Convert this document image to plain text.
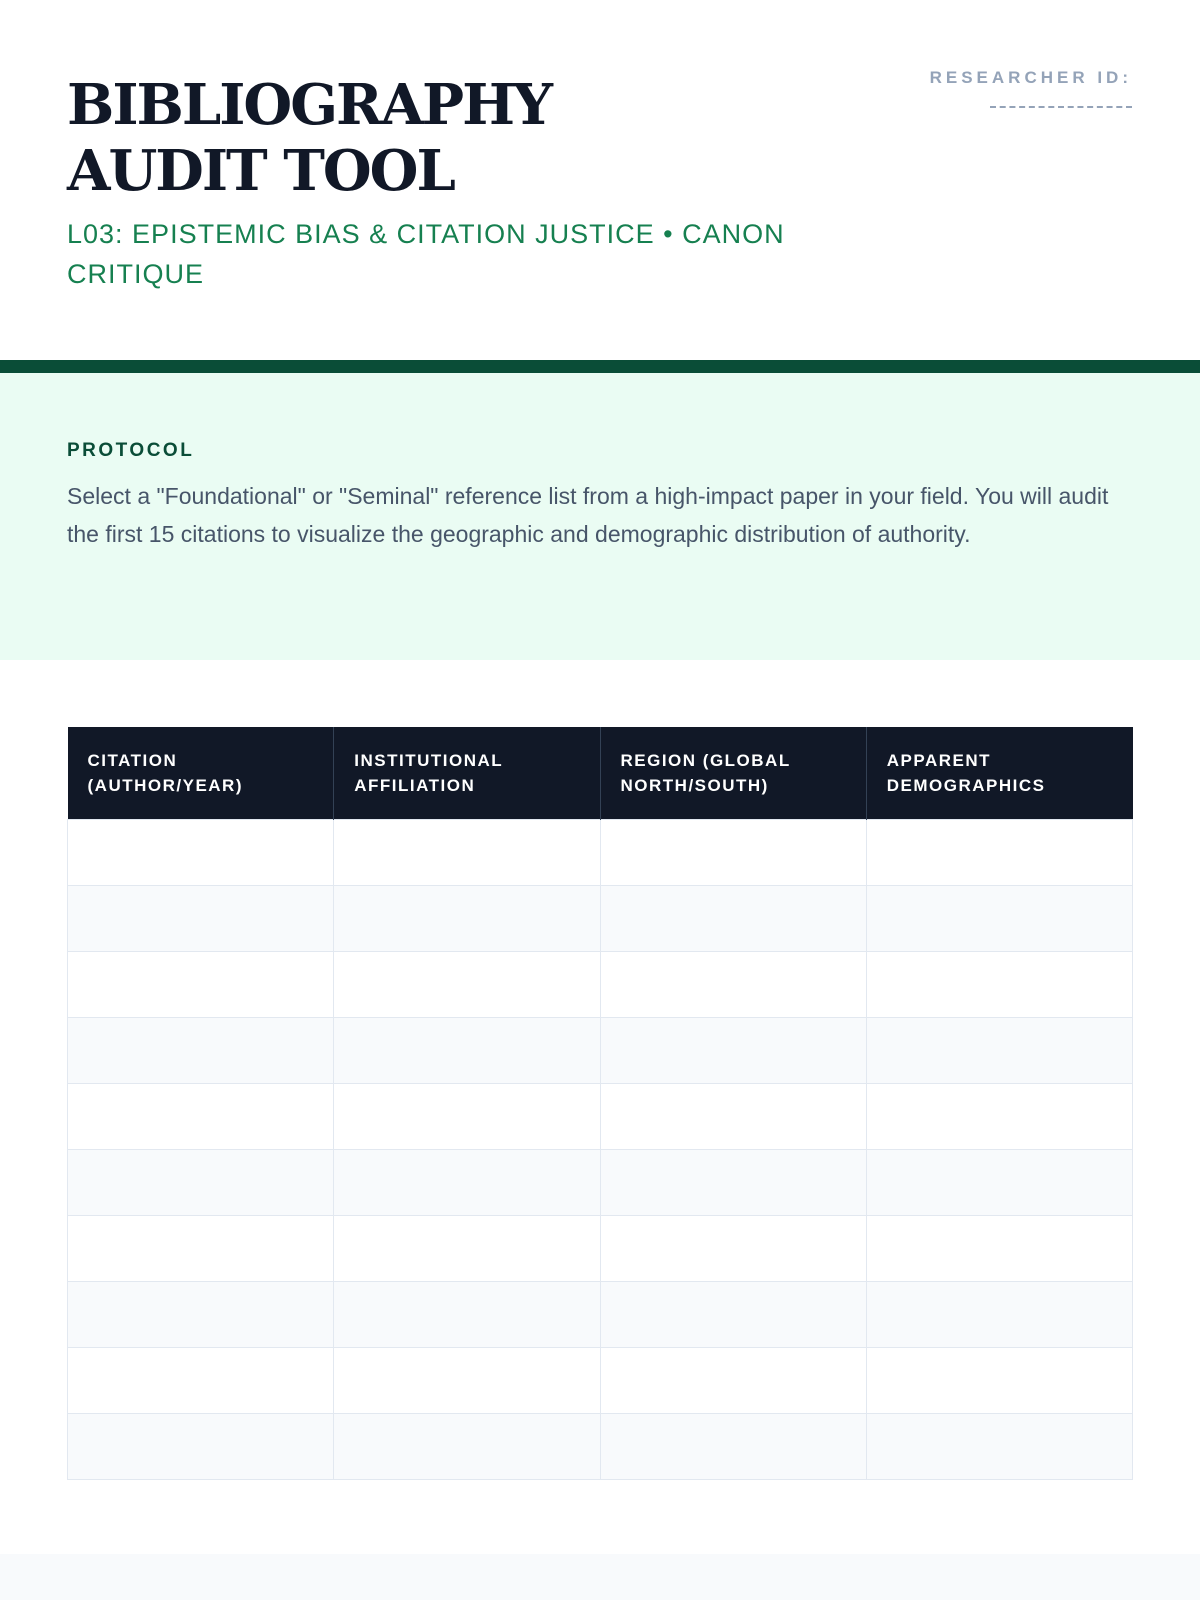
BIBLIOGRAPHY AUDIT TOOL

L03: EPISTEMIC BIAS & CITATION JUSTICE • CANON CRITIQUE

RESEARCHER ID:
PROTOCOL

Select a "Foundational" or "Seminal" reference list from a high-impact paper in your field. You will audit the first 15 citations to visualize the geographic and demographic distribution of authority.

CITATION (AUTHOR/YEAR)	INSTITUTIONAL AFFILIATION	REGION (GLOBAL NORTH/SOUTH)	APPARENT DEMOGRAPHICS
